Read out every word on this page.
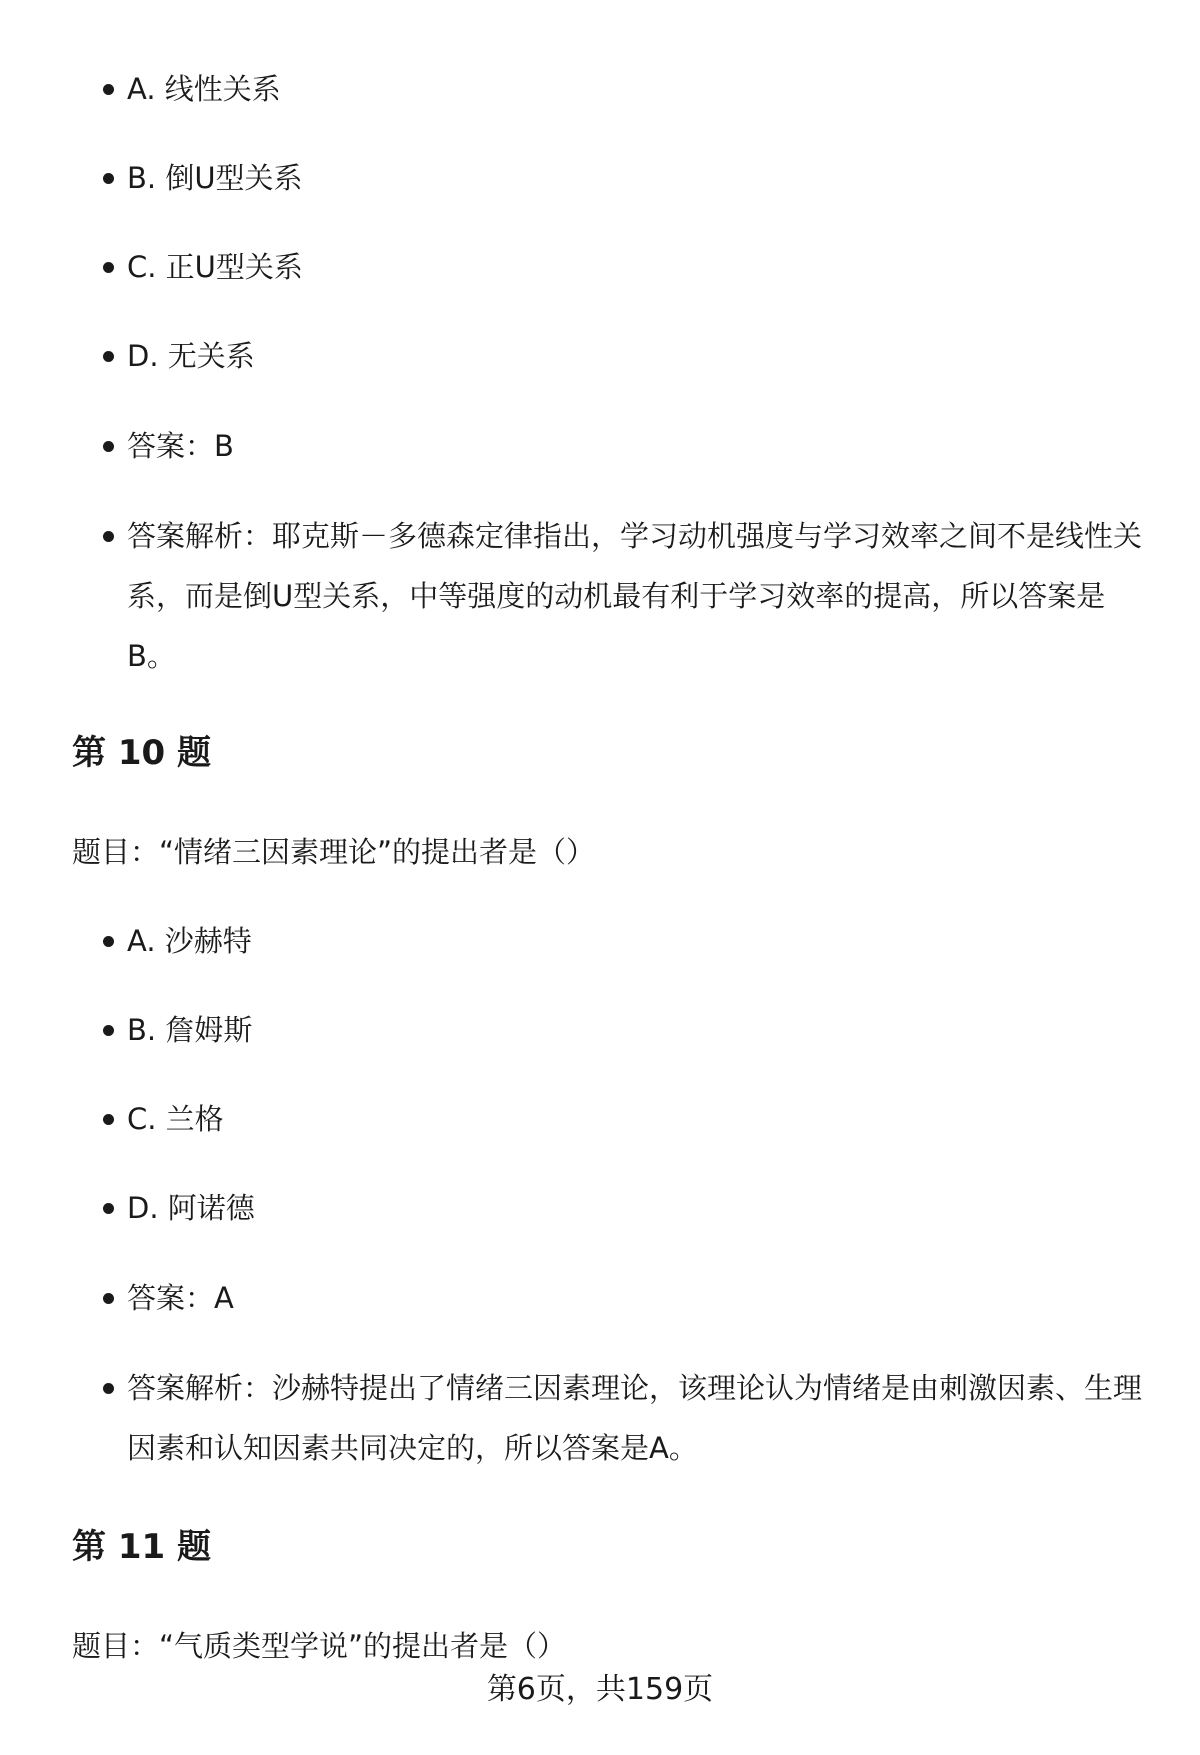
A. 线性关系
B. 倒U型关系
C. 正U型关系
D. 无关系
答案：B
答案解析：耶克斯－多德森定律指出，学习动机强度与学习效率之间不是线性关系，而是倒U型关系，中等强度的动机最有利于学习效率的提高，所以答案是B。
第 10 题
题目：“情绪三因素理论”的提出者是（）
A. 沙赫特
B. 詹姆斯
C. 兰格
D. 阿诺德
答案：A
答案解析：沙赫特提出了情绪三因素理论，该理论认为情绪是由刺激因素、生理因素和认知因素共同决定的，所以答案是A。
第 11 题
题目：“气质类型学说”的提出者是（）
第6页，共159页
